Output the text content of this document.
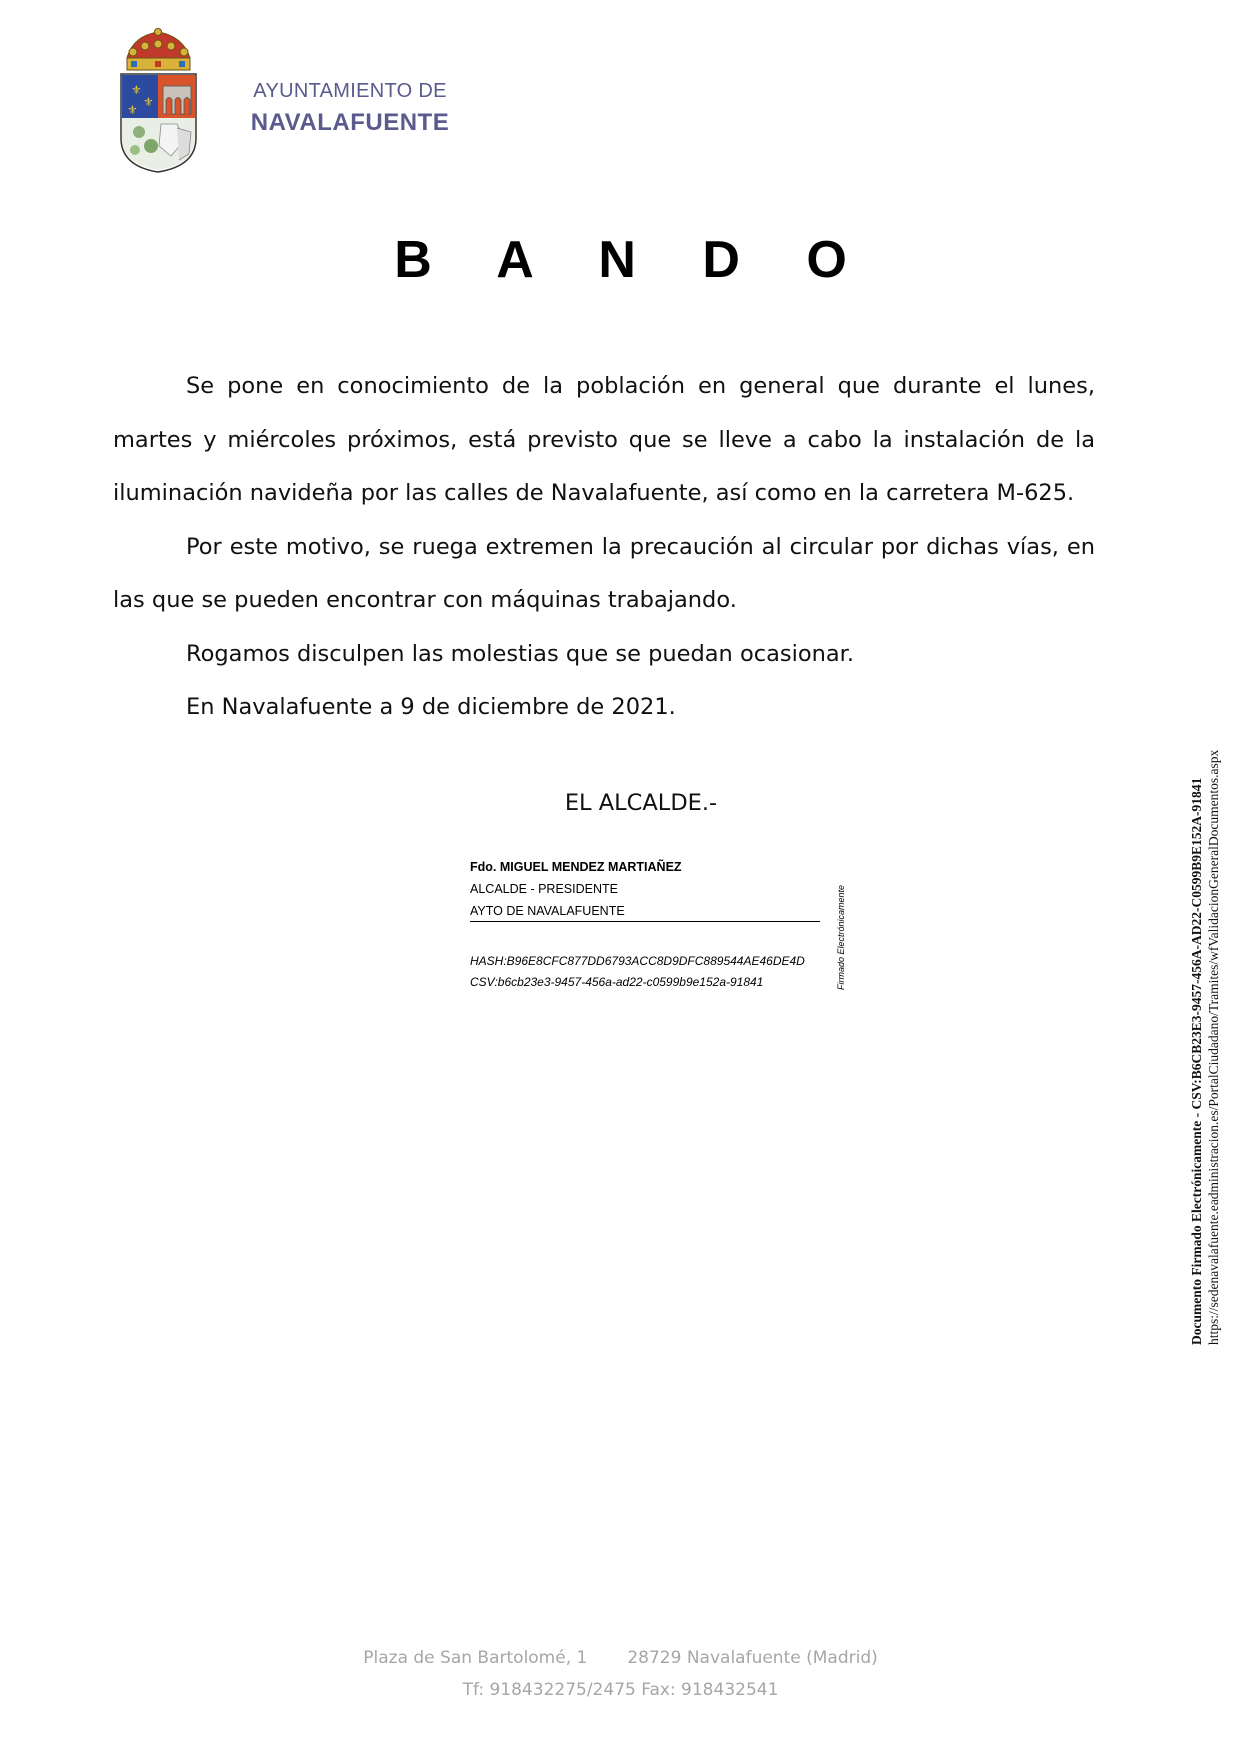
⚜
⚜
⚜
AYUNTAMIENTO DE
NAVALAFUENTE
B A N D O

Se pone en conocimiento de la población en general que durante el lunes, martes y miércoles próximos, está previsto que se lleve a cabo la instalación de la iluminación navideña por las calles de Navalafuente, así como en la carretera M-625.

Por este motivo, se ruega extremen la precaución al circular por dichas vías, en las que se pueden encontrar con máquinas trabajando.

Rogamos disculpen las molestias que se puedan ocasionar.

En Navalafuente a 9 de diciembre de 2021.

EL ALCALDE.-
Fdo. MIGUEL MENDEZ MARTIAÑEZ
ALCALDE - PRESIDENTE
AYTO DE NAVALAFUENTE
HASH:B96E8CFC877DD6793ACC8D9DFC889544AE46DE4D
CSV:b6cb23e3-9457-456a-ad22-c0599b9e152a-91841	Firmado Electrónicamente	Documento Firmado Electrónicamente - CSV:B6CB23E3-9457-456A-AD22-C0599B9E152A-91841 https://sedenavalafuente.eadministracion.es/PortalCiudadano/Tramites/wfValidacionGeneralDocumentos.aspx
Plaza de San Bartolomé, 1 28729 Navalafuente (Madrid)
Tf: 918432275/2475 Fax: 918432541
